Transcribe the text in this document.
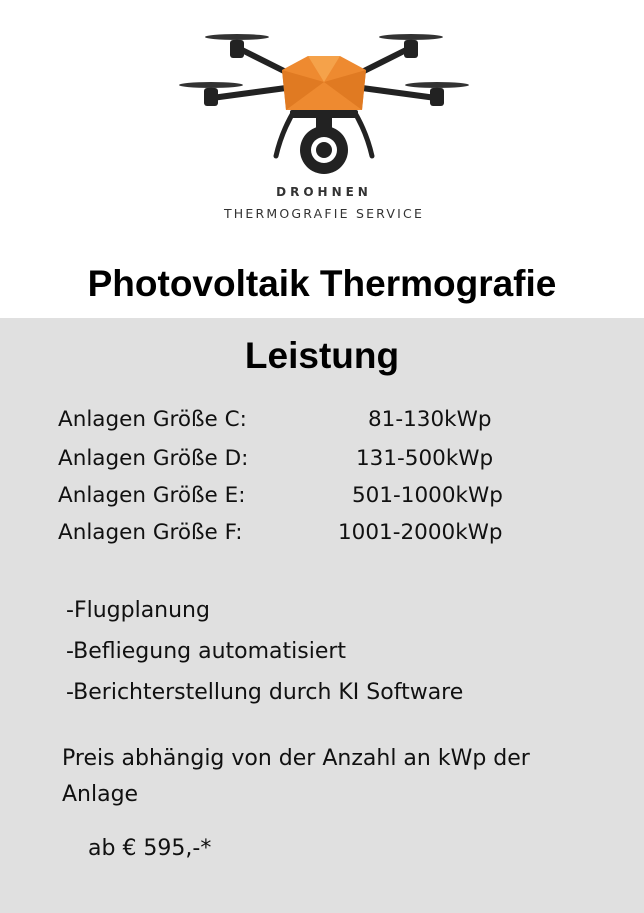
DROHNEN
THERMOGRAFIE SERVICE
Photovoltaik Thermografie
Leistung
Anlagen Größe C:	81-130kWp
Anlagen Größe D:	131-500kWp
Anlagen Größe E:	501-1000kWp
Anlagen Größe F:	1001-2000kWp
-Flugplanung
-Befliegung automatisiert
-Berichterstellung durch KI Software
Preis abhängig von der Anzahl an kWp der Anlage
ab € 595,-*
